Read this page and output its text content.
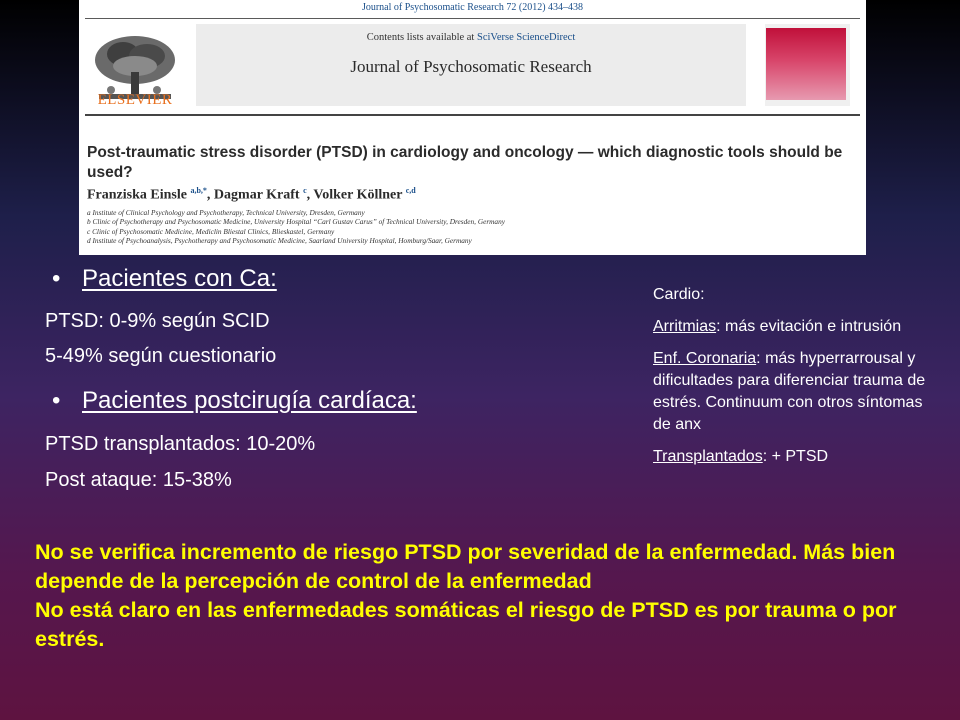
Journal of Psychosomatic Research 72 (2012) 434–438
ELSEVIER
Contents lists available at SciVerse ScienceDirect
Journal of Psychosomatic Research
Post-traumatic stress disorder (PTSD) in cardiology and oncology — which diagnostic tools should be used?
Franziska Einsle $^{a,b,*}$, Dagmar Kraft $^c$, Volker Köllner $^{c,d}$
a Institute of Clinical Psychology and Psychotherapy, Technical University, Dresden, Germany
b Clinic of Psychotherapy and Psychosomatic Medicine, University Hospital “Carl Gustav Carus” of Technical University, Dresden, Germany
c Clinic of Psychosomatic Medicine, Mediclin Bliestal Clinics, Blieskastel, Germany
d Institute of Psychoanalysis, Psychotherapy and Psychosomatic Medicine, Saarland University Hospital, Homburg/Saar, Germany
• Pacientes con Ca:
PTSD: 0-9% según SCID
5-49% según cuestionario
• Pacientes postcirugía cardíaca:
PTSD transplantados: 10-20%
Post ataque: 15-38%

Cardio:

Arritmias: más evitación e intrusión

Enf. Coronaria: más hyperrarrousal y dificultades para diferenciar trauma de estrés. Continuum con otros síntomas de anx

Transplantados: + PTSD

No se verifica incremento de riesgo PTSD por severidad de la enfermedad. Más bien depende de la percepción de control de la enfermedad

No está claro en las enfermedades somáticas el riesgo de PTSD es por trauma o por estrés.
